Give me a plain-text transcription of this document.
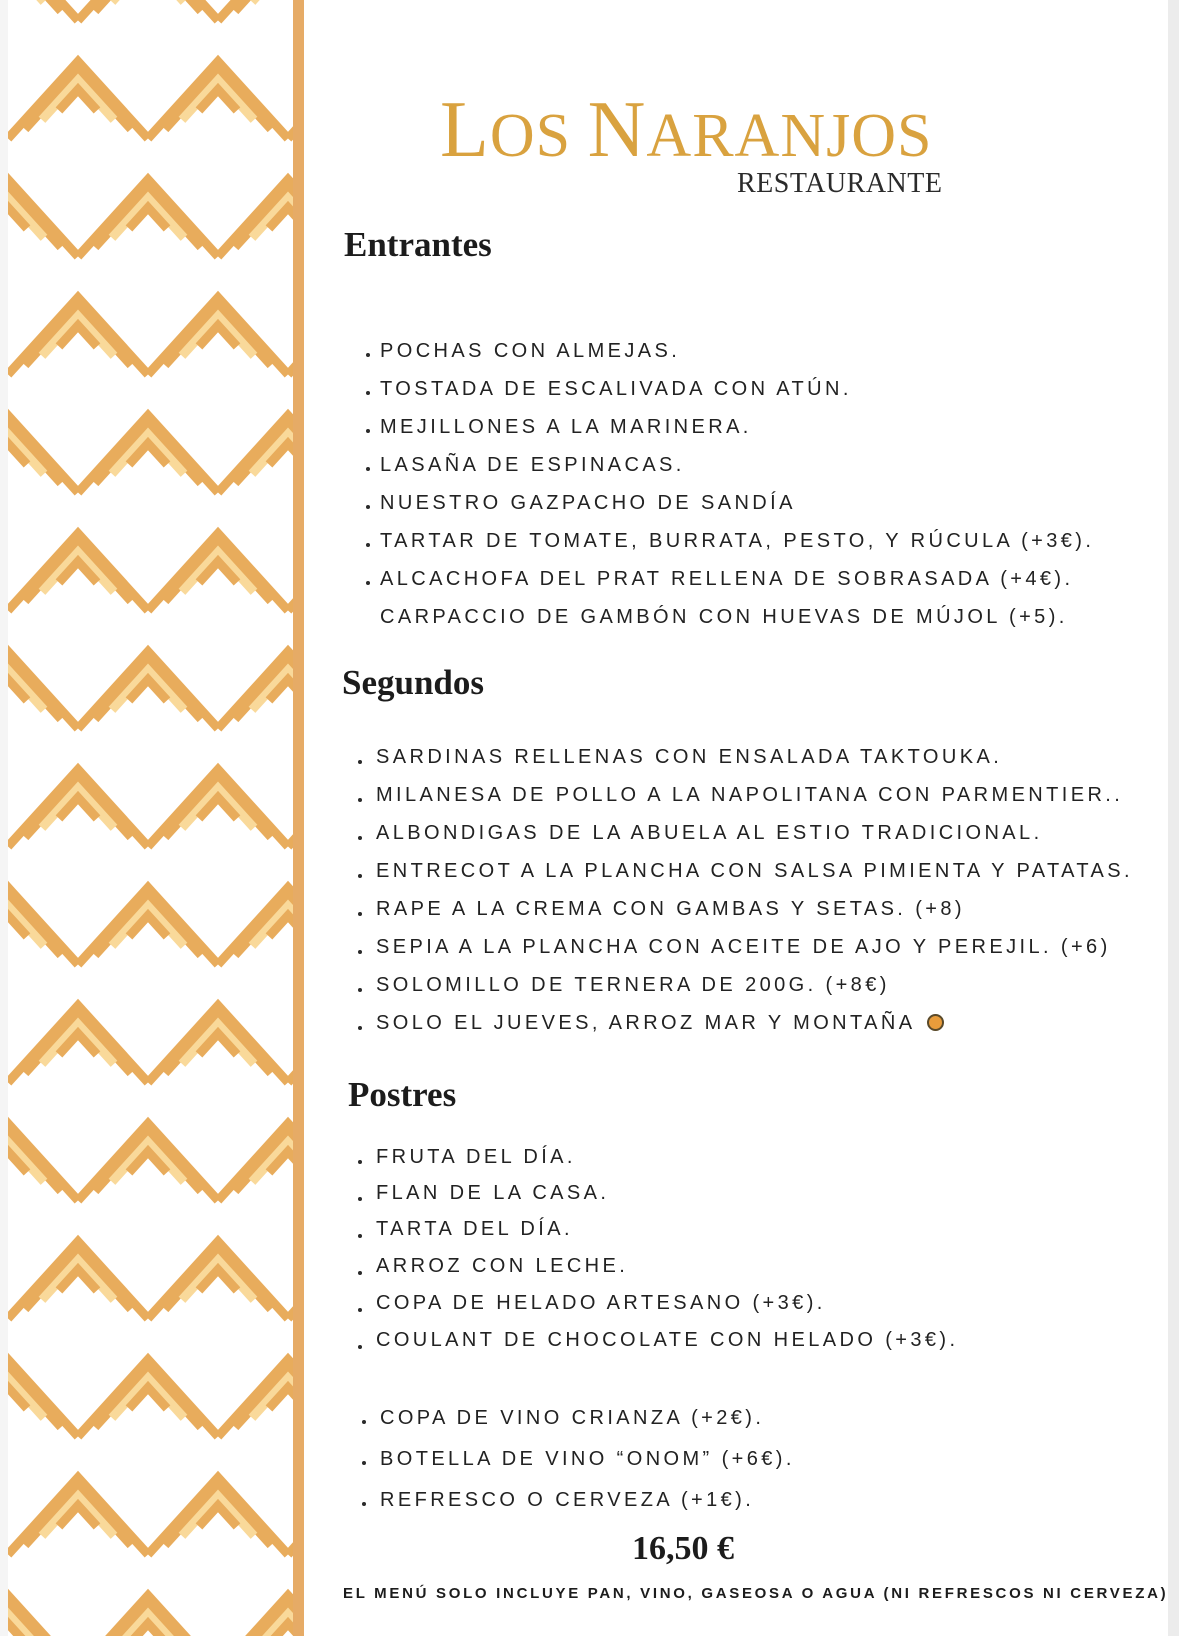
LOS NARANJOS
RESTAURANTE
Entrantes
POCHAS CON ALMEJAS.
TOSTADA DE ESCALIVADA CON ATÚN.
MEJILLONES A LA MARINERA.
LASAÑA DE ESPINACAS.
NUESTRO GAZPACHO DE SANDÍA
TARTAR DE TOMATE, BURRATA, PESTO, Y RÚCULA (+3€).
ALCACHOFA DEL PRAT RELLENA DE SOBRASADA (+4€).
CARPACCIO DE GAMBÓN CON HUEVAS DE MÚJOL (+5).
Segundos
SARDINAS RELLENAS CON ENSALADA TAKTOUKA.
MILANESA DE POLLO A LA NAPOLITANA CON PARMENTIER..
ALBONDIGAS DE LA ABUELA AL ESTIO TRADICIONAL.
ENTRECOT A LA PLANCHA CON SALSA PIMIENTA Y PATATAS.
RAPE A LA CREMA CON GAMBAS Y SETAS. (+8)
SEPIA A LA PLANCHA CON ACEITE DE AJO Y PEREJIL. (+6)
SOLOMILLO DE TERNERA DE 200G. (+8€)
SOLO EL JUEVES, ARROZ MAR Y MONTAÑA
Postres
FRUTA DEL DÍA.
FLAN DE LA CASA.
TARTA DEL DÍA.
ARROZ CON LECHE.
COPA DE HELADO ARTESANO (+3€).
COULANT DE CHOCOLATE CON HELADO (+3€).
COPA DE VINO CRIANZA (+2€).
BOTELLA DE VINO “ONOM” (+6€).
REFRESCO O CERVEZA (+1€).
16,50 €
EL MENÚ SOLO INCLUYE PAN, VINO, GASEOSA O AGUA (NI REFRESCOS NI CERVEZA)
